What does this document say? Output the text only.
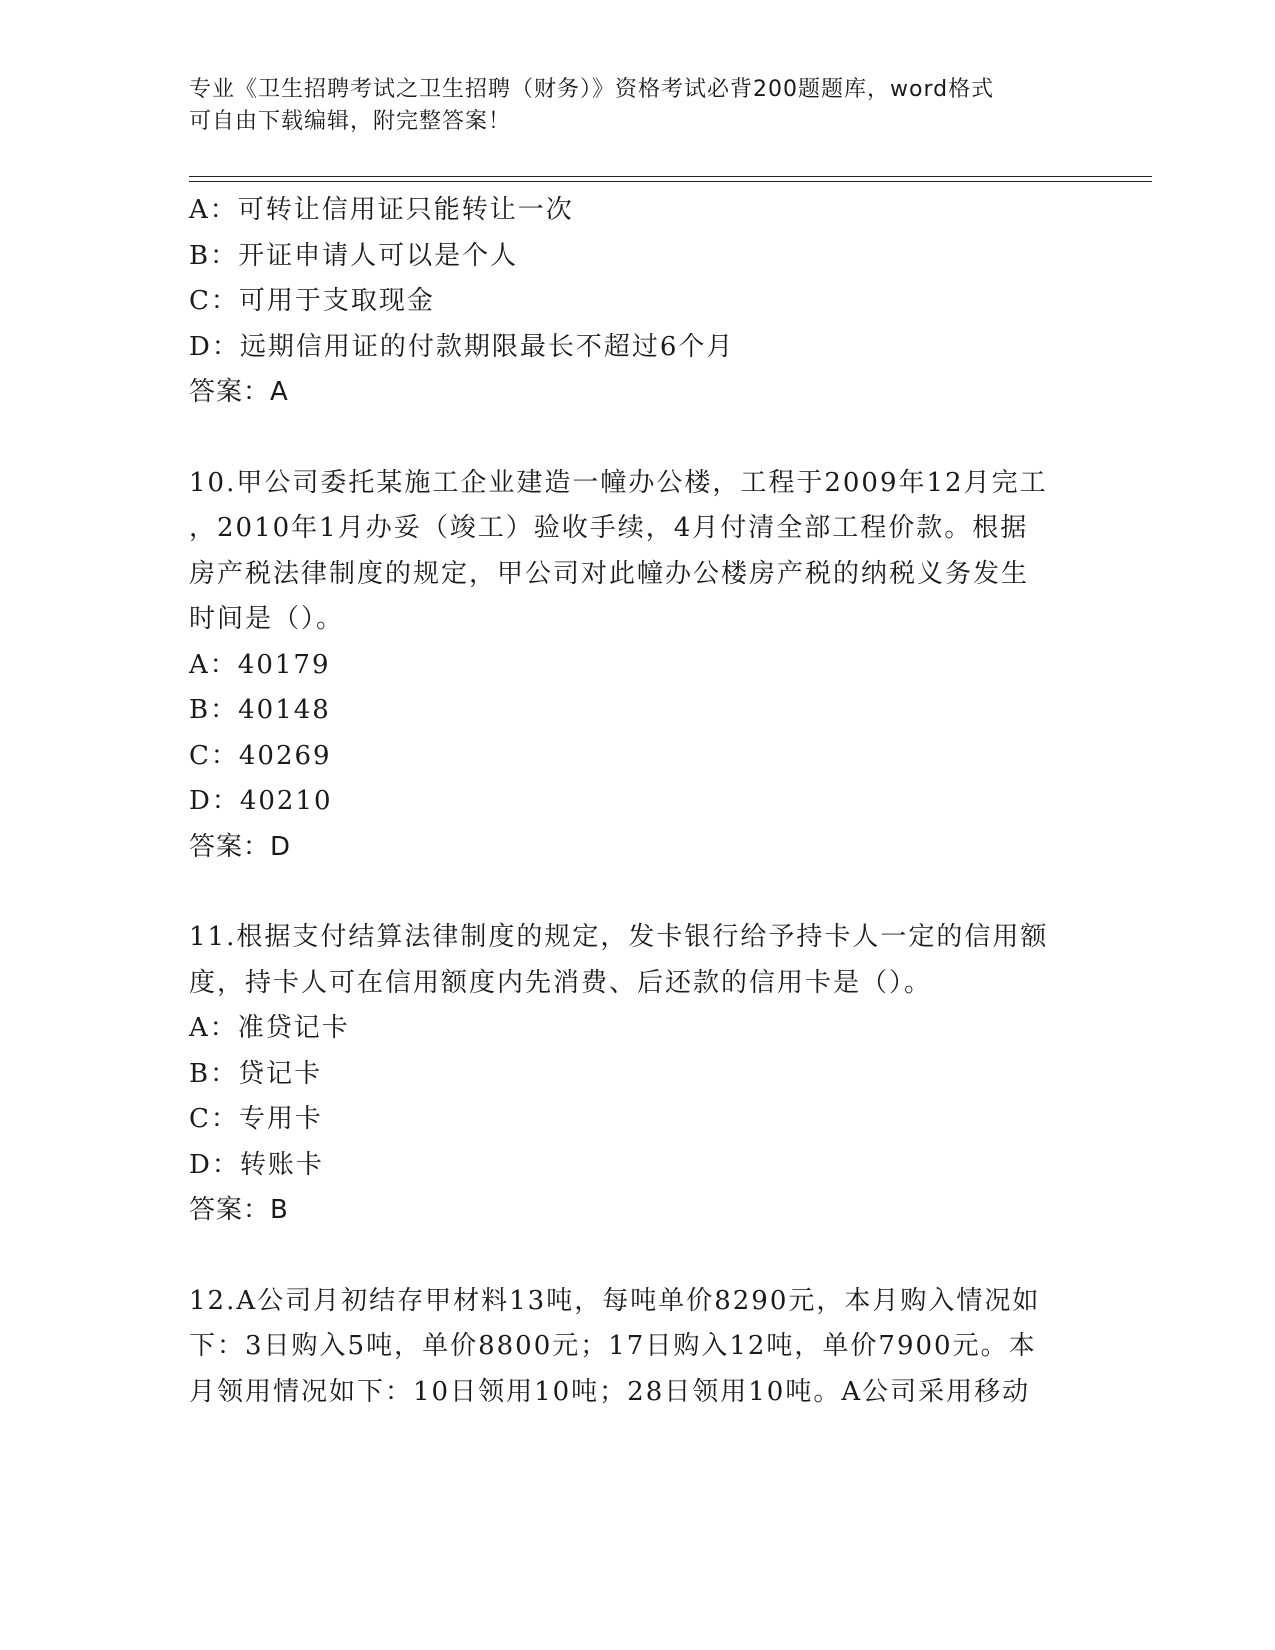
专业《卫生招聘考试之卫生招聘（财务）》资格考试必背200题题库，word格式
可自由下载编辑，附完整答案！
A：可转让信用证只能转让一次
B：开证申请人可以是个人
C：可用于支取现金
D：远期信用证的付款期限最长不超过6个月
答案：A
10.甲公司委托某施工企业建造一幢办公楼，工程于2009年12月完工
，2010年1月办妥（竣工）验收手续，4月付清全部工程价款。根据
房产税法律制度的规定，甲公司对此幢办公楼房产税的纳税义务发生
时间是（）。
A：40179
B：40148
C：40269
D：40210
答案：D
11.根据支付结算法律制度的规定，发卡银行给予持卡人一定的信用额
度，持卡人可在信用额度内先消费、后还款的信用卡是（）。
A：准贷记卡
B：贷记卡
C：专用卡
D：转账卡
答案：B
12.A公司月初结存甲材料13吨，每吨单价8290元，本月购入情况如
下：3日购入5吨，单价8800元；17日购入12吨，单价7900元。本
月领用情况如下：10日领用10吨；28日领用10吨。A公司采用移动
